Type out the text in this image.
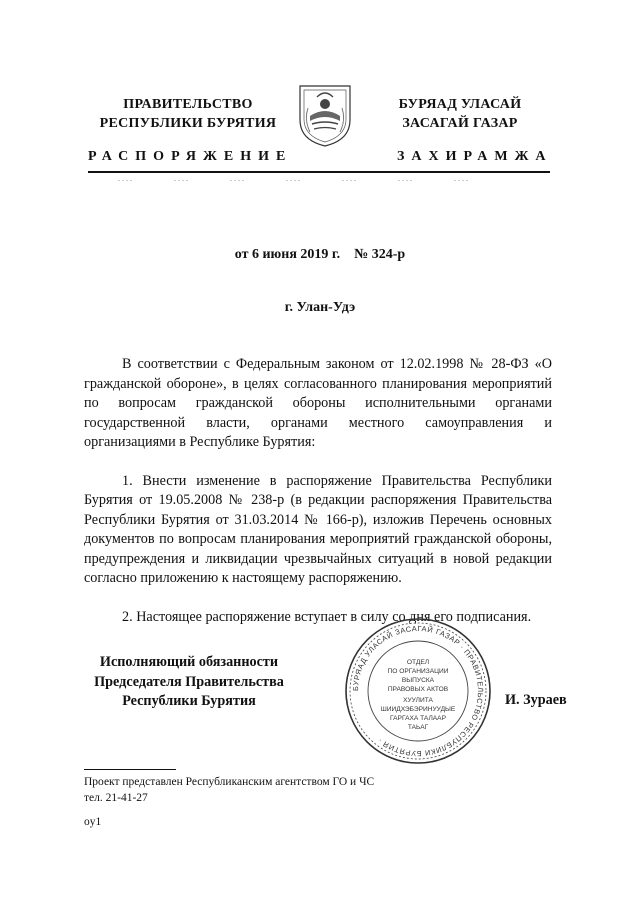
ПРАВИТЕЛЬСТВО
РЕСПУБЛИКИ БУРЯТИЯ
БУРЯАД УЛАСАЙ
ЗАСАГАЙ ГАЗАР
РАСПОРЯЖЕНИЕ	ЗАХИРАМЖА
....	....	....	....	....	....	....
от 6 июня 2019 г.    № 324-р
г. Улан-Удэ

В соответствии с Федеральным законом от 12.02.1998 № 28-ФЗ «О гражданской обороне», в целях согласованного планирования мероприятий по вопросам гражданской обороны исполнительными органами государственной власти, органами местного самоуправления и организациями в Республике Бурятия:

1. Внести изменение в распоряжение Правительства Республики Бурятия от 19.05.2008 № 238-р (в редакции распоряжения Правительства Республики Бурятия от 31.03.2014 № 166-р), изложив Перечень основных документов по вопросам планирования мероприятий гражданской обороны, предупреждения и ликвидации чрезвычайных ситуаций в новой редакции согласно приложению к настоящему распоряжению.

2. Настоящее распоряжение вступает в силу со дня его подписания.

Исполняющий обязанности
Председателя Правительства
Республики Бурятия	И. Зураев
БУРЯАД УЛАСАЙ ЗАСАГАЙ ГАЗАР · ПРАВИТЕЛЬСТВО РЕСПУБЛИКИ БУРЯТИЯ ·
ОТДЕЛ
ПО ОРГАНИЗАЦИИ
ВЫПУСКА
ПРАВОВЫХ АКТОВ
ХУУЛИТА
ШИИДХЭБЭРИНУУДЫЕ
ГАРГАХА ТАЛААР
ТАЬАГ
Проект представлен Республиканским агентством ГО и ЧС
тел. 21-41-27
oy1
